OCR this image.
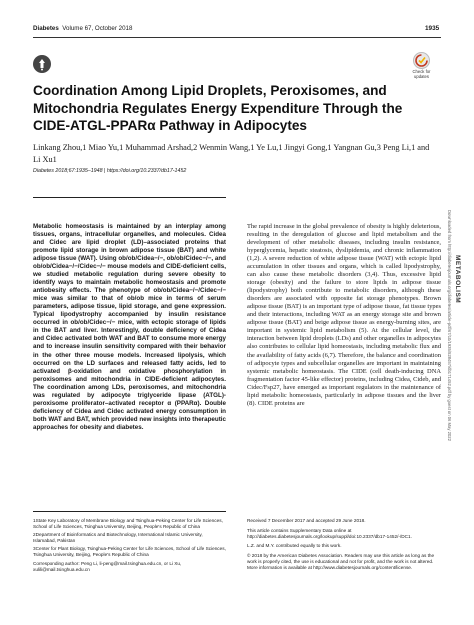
Diabetes Volume 67, October 2018	1935
Check for
updates
Coordination Among Lipid Droplets, Peroxisomes, and Mitochondria Regulates Energy Expenditure Through the CIDE-ATGL-PPARα Pathway in Adipocytes
Linkang Zhou,1 Miao Yu,1 Muhammad Arshad,2 Wenmin Wang,1 Ye Lu,1 Jingyi Gong,1 Yangnan Gu,3 Peng Li,1 and Li Xu1
Diabetes 2018;67:1935–1948 | https://doi.org/10.2337/db17-1452
Downloaded from http://diabetesjournals.org/diabetes/article-pdf/67/10/1935/528457/db171452.pdf by guest on 06 May 2022 METABOLISM
Metabolic homeostasis is maintained by an interplay among tissues, organs, intracellular organelles, and molecules. Cidea and Cidec are lipid droplet (LD)–associated proteins that promote lipid storage in brown adipose tissue (BAT) and white adipose tissue (WAT). Using ob/ob/Cidea−/−, ob/ob/Cidec−/−, and ob/ob/Cidea−/−/Cidec−/− mouse models and CIDE-deficient cells, we studied metabolic regulation during severe obesity to identify ways to maintain metabolic homeostasis and promote antiobesity effects. The phenotype of ob/ob/Cidea−/−/Cidec−/− mice was similar to that of ob/ob mice in terms of serum parameters, adipose tissue, lipid storage, and gene expression. Typical lipodystrophy accompanied by insulin resistance occurred in ob/ob/Cidec−/− mice, with ectopic storage of lipids in the BAT and liver. Interestingly, double deficiency of Cidea and Cidec activated both WAT and BAT to consume more energy and to increase insulin sensitivity compared with their behavior in the other three mouse models. Increased lipolysis, which occurred on the LD surfaces and released fatty acids, led to activated β-oxidation and oxidative phosphorylation in peroxisomes and mitochondria in CIDE-deficient adipocytes. The coordination among LDs, peroxisomes, and mitochondria was regulated by adipocyte triglyceride lipase (ATGL)-peroxisome proliferator–activated receptor α (PPARα). Double deficiency of Cidea and Cidec activated energy consumption in both WAT and BAT, which provided new insights into therapeutic approaches for obesity and diabetes.
The rapid increase in the global prevalence of obesity is highly deleterious, resulting in the deregulation of glucose and lipid metabolism and the development of other metabolic diseases, including insulin resistance, hyperglycemia, hepatic steatosis, dyslipidemia, and chronic inflammation (1,2). A severe reduction of white adipose tissue (WAT) with ectopic lipid accumulation in other tissues and organs, which is called lipodystrophy, can also cause these metabolic disorders (3,4). Thus, excessive lipid storage (obesity) and the failure to store lipids in adipose tissue (lipodystrophy) both contribute to metabolic disorders, although these disorders are associated with opposite fat storage phenotypes. Brown adipose tissue (BAT) is an important type of adipose tissue, fat tissue types and their interactions, including WAT as an energy storage site and brown adipose tissue (BAT) and beige adipose tissue as energy-burning sites, are important in systemic lipid metabolism (5). At the cellular level, the interaction between lipid droplets (LDs) and other organelles in adipocytes also contributes to cellular lipid homeostasis, including metabolic flux and the availability of fatty acids (6,7). Therefore, the balance and coordination of adipocyte types and subcellular organelles are important in maintaining systemic metabolic homeostasis. The CIDE (cell death-inducing DNA fragmentation factor 45-like effector) proteins, including Cidea, Cideb, and Cidec/Fsp27, have emerged as important regulators in the maintenance of lipid metabolic homeostasis, particularly in adipose tissues and the liver (8). CIDE proteins are

1State Key Laboratory of Membrane Biology and Tsinghua-Peking Center for Life Sciences, School of Life Sciences, Tsinghua University, Beijing, People's Republic of China

2Department of Bioinformatics and Biotechnology, International Islamic University, Islamabad, Pakistan

3Center for Plant Biology, Tsinghua-Peking Center for Life Sciences, School of Life Sciences, Tsinghua University, Beijing, People's Republic of China

Corresponding author: Peng Li, li-peng@mail.tsinghua.edu.cn, or Li Xu, xulili@mail.tsinghua.edu.cn

Received 7 December 2017 and accepted 29 June 2018.

This article contains Supplementary Data online at http://diabetes.diabetesjournals.org/lookup/suppl/doi:10.2337/db17-1452/-/DC1.

L.Z. and M.Y. contributed equally to this work.

© 2018 by the American Diabetes Association. Readers may use this article as long as the work is properly cited, the use is educational and not for profit, and the work is not altered. More information is available at http://www.diabetesjournals.org/content/license.
